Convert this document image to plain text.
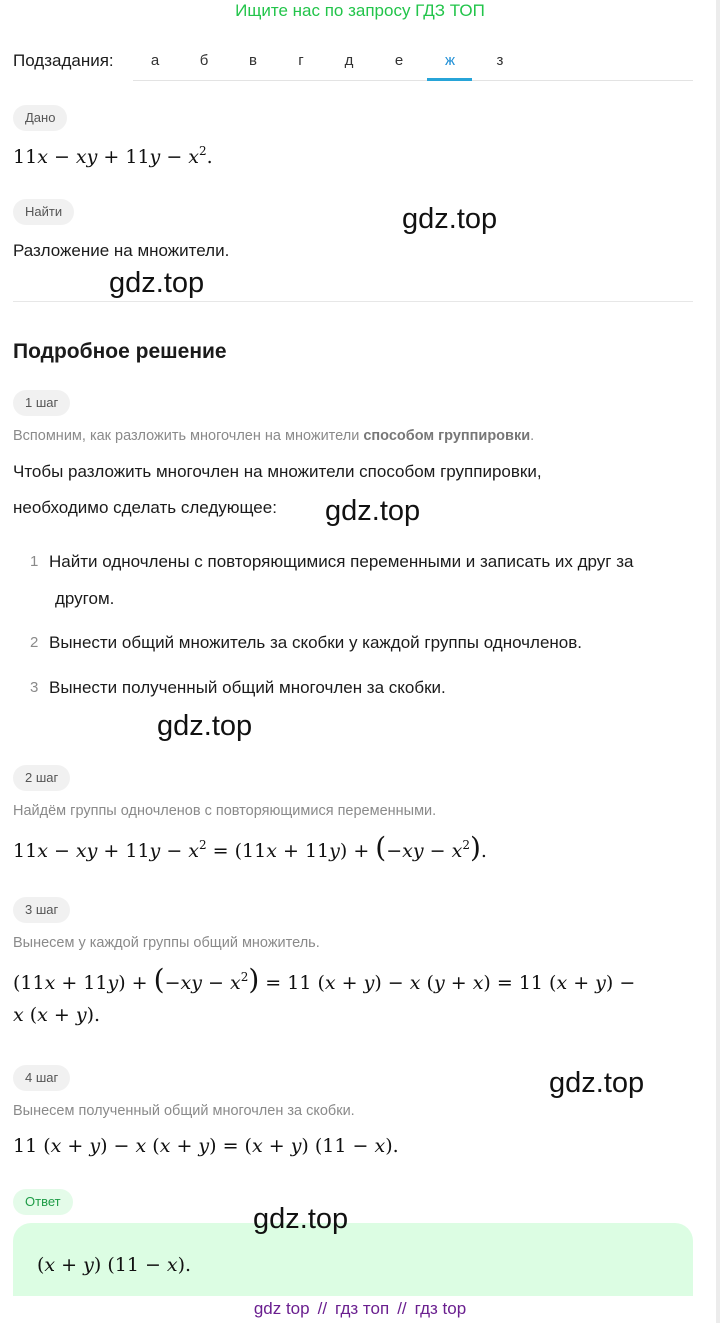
Ищите нас по запросу ГДЗ ТОП
Подзадания:	а	б	в	г	д	е	ж	з
Дано
11x − xy + $11y - x^2$.
Найти
Разложение на множители.
Подробное решение
1 шаг
Вспомним, как разложить многочлен на множители способом группировки.
Чтобы разложить многочлен на множители способом группировки,
необходимо сделать следующее:
1 Найти одночлены с повторяющимися переменными и записать их друг за
другом.
2 Вынести общий множитель за скобки у каждой группы одночленов.
3 Вынести полученный общий многочлен за скобки.
2 шаг
Найдём группы одночленов с повторяющимися переменными.
11x − xy + $11y - x^2 = (11x + 11y) + (-xy - x^2)$.
3 шаг
Вынесем у каждой группы общий множитель.
$(11x + 11y) + (-xy - x^2) = 11$ (x + y) − x (y + x) = 11 (x + y) −
x (x + y).
4 шаг
Вынесем полученный общий многочлен за скобки.
11 (x + y) − x (x + y) = (x + y) (11 − x).
Ответ
(x + y) (11 − x).
gdz.top
gdz.top
gdz.top
gdz.top
gdz.top
gdz.top
gdz top // гдз топ // гдз top
